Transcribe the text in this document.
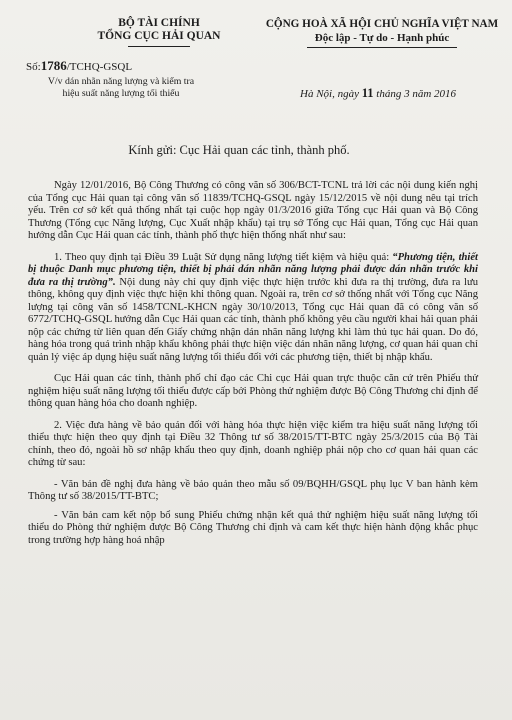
BỘ TÀI CHÍNH
TỔNG CỤC HẢI QUAN
Số:1786/TCHQ-GSQL
V/v dán nhãn năng lượng và kiểm tra
hiệu suất năng lượng tối thiểu
CỘNG HOÀ XÃ HỘI CHỦ NGHĨA VIỆT NAM
Độc lập - Tự do - Hạnh phúc
Hà Nội, ngày 11 tháng 3 năm 2016
Kính gửi: Cục Hải quan các tỉnh, thành phố.

Ngày 12/01/2016, Bộ Công Thương có công văn số 306/BCT-TCNL trả lời các nội dung kiến nghị của Tổng cục Hải quan tại công văn số 11839/TCHQ-GSQL ngày 15/12/2015 về nội dung nêu tại trích yếu. Trên cơ sở kết quả thống nhất tại cuộc họp ngày 01/3/2016 giữa Tổng cục Hải quan và Bộ Công Thương (Tổng cục Năng lượng, Cục Xuất nhập khẩu) tại trụ sở Tổng cục Hải quan, Tổng cục Hải quan hướng dẫn Cục Hải quan các tỉnh, thành phố thực hiện thống nhất như sau:

1. Theo quy định tại Điều 39 Luật Sử dụng năng lượng tiết kiệm và hiệu quả: “Phương tiện, thiết bị thuộc Danh mục phương tiện, thiết bị phải dán nhãn năng lượng phải được dán nhãn trước khi đưa ra thị trường”. Nội dung này chỉ quy định việc thực hiện trước khi đưa ra thị trường, đưa ra lưu thông, không quy định việc thực hiện khi thông quan. Ngoài ra, trên cơ sở thống nhất với Tổng cục Năng lượng tại công văn số 1458/TCNL-KHCN ngày 30/10/2013, Tổng cục Hải quan đã có công văn số 6772/TCHQ-GSQL hướng dẫn Cục Hải quan các tỉnh, thành phố không yêu cầu người khai hải quan phải nộp các chứng từ liên quan đến Giấy chứng nhận dán nhãn năng lượng khi làm thủ tục hải quan. Do đó, hàng hóa trong quá trình nhập khẩu không phải thực hiện việc dán nhãn năng lượng, cơ quan hải quan chỉ quản lý việc áp dụng hiệu suất năng lượng tối thiểu đối với các phương tiện, thiết bị nhập khẩu.

Cục Hải quan các tỉnh, thành phố chỉ đạo các Chi cục Hải quan trực thuộc căn cứ trên Phiếu thử nghiệm hiệu suất năng lượng tối thiểu được cấp bởi Phòng thử nghiệm được Bộ Công Thương chỉ định để thông quan hàng hóa cho doanh nghiệp.

2. Việc đưa hàng về bảo quản đối với hàng hóa thực hiện việc kiểm tra hiệu suất năng lượng tối thiểu thực hiện theo quy định tại Điều 32 Thông tư số 38/2015/TT-BTC ngày 25/3/2015 của Bộ Tài chính, theo đó, ngoài hồ sơ nhập khẩu theo quy định, doanh nghiệp phải nộp cho cơ quan hải quan các chứng từ sau:

- Văn bản đề nghị đưa hàng về bảo quản theo mẫu số 09/BQHH/GSQL phụ lục V ban hành kèm Thông tư số 38/2015/TT-BTC;

- Văn bản cam kết nộp bổ sung Phiếu chứng nhận kết quả thử nghiệm hiệu suất năng lượng tối thiểu do Phòng thử nghiệm được Bộ Công Thương chỉ định và cam kết thực hiện hành động khắc phục trong trường hợp hàng hoá nhập
